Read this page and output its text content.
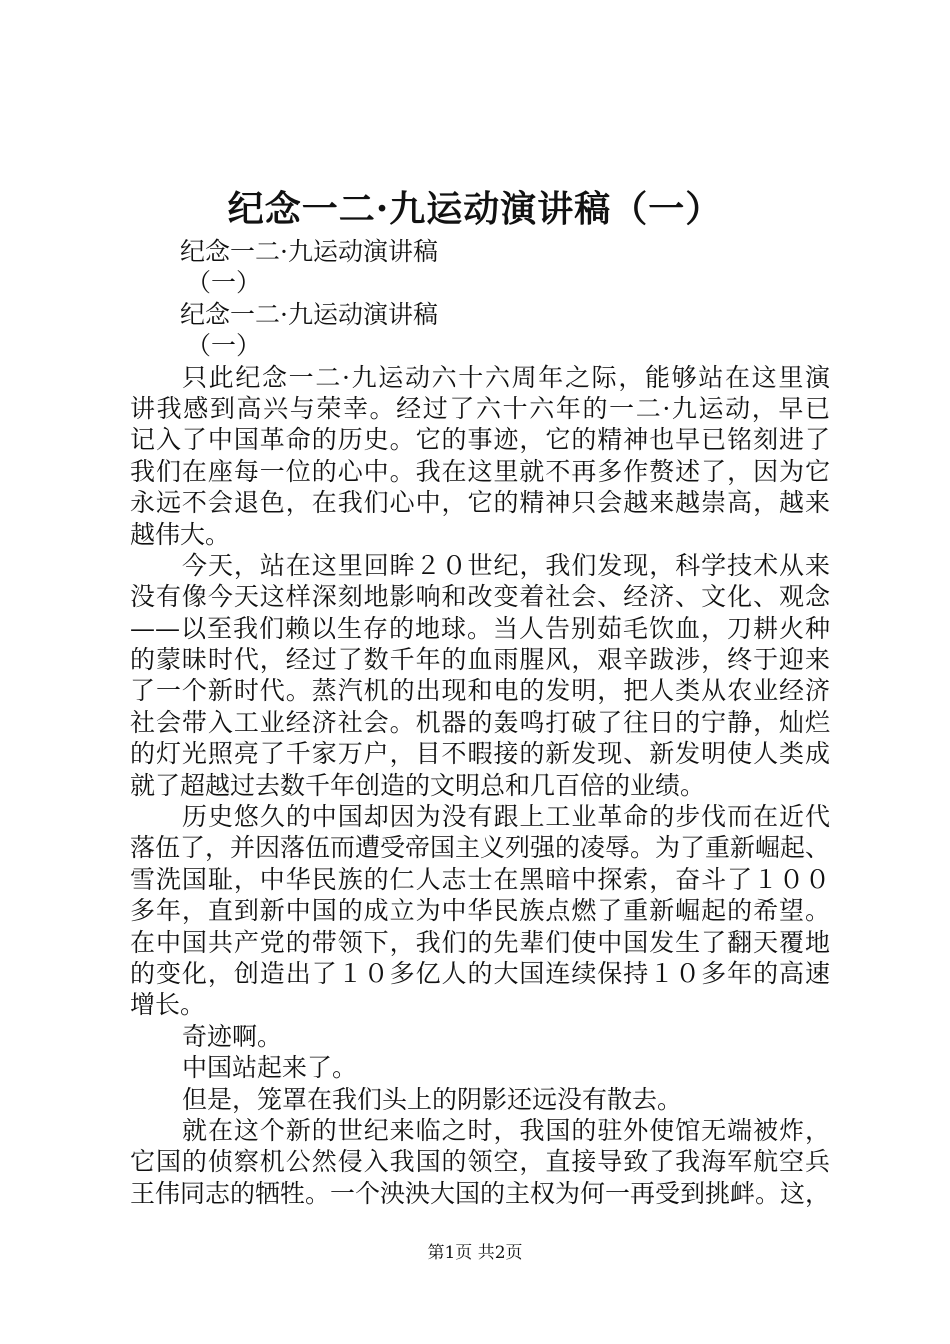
纪念一二·九运动演讲稿（一）
纪念一二·九运动演讲稿
（一）
纪念一二·九运动演讲稿
（一）
只此纪念一二·九运动六十六周年之际，能够站在这里演
讲我感到高兴与荣幸。经过了六十六年的一二·九运动，早已
记入了中国革命的历史。它的事迹，它的精神也早已铭刻进了
我们在座每一位的心中。我在这里就不再多作赘述了，因为它
永远不会退色，在我们心中，它的精神只会越来越崇高，越来
越伟大。
今天，站在这里回眸２０世纪，我们发现，科学技术从来
没有像今天这样深刻地影响和改变着社会、经济、文化、观念
——以至我们赖以生存的地球。当人告别茹毛饮血，刀耕火种
的蒙昧时代，经过了数千年的血雨腥风，艰辛跋涉，终于迎来
了一个新时代。蒸汽机的出现和电的发明，把人类从农业经济
社会带入工业经济社会。机器的轰鸣打破了往日的宁静，灿烂
的灯光照亮了千家万户，目不暇接的新发现、新发明使人类成
就了超越过去数千年创造的文明总和几百倍的业绩。
历史悠久的中国却因为没有跟上工业革命的步伐而在近代
落伍了，并因落伍而遭受帝国主义列强的凌辱。为了重新崛起、
雪洗国耻，中华民族的仁人志士在黑暗中探索，奋斗了１００
多年，直到新中国的成立为中华民族点燃了重新崛起的希望。
在中国共产党的带领下，我们的先辈们使中国发生了翻天覆地
的变化，创造出了１０多亿人的大国连续保持１０多年的高速
增长。
奇迹啊。
中国站起来了。
但是，笼罩在我们头上的阴影还远没有散去。
就在这个新的世纪来临之时，我国的驻外使馆无端被炸，
它国的侦察机公然侵入我国的领空，直接导致了我海军航空兵
王伟同志的牺牲。一个泱泱大国的主权为何一再受到挑衅。这，
第1页 共2页
